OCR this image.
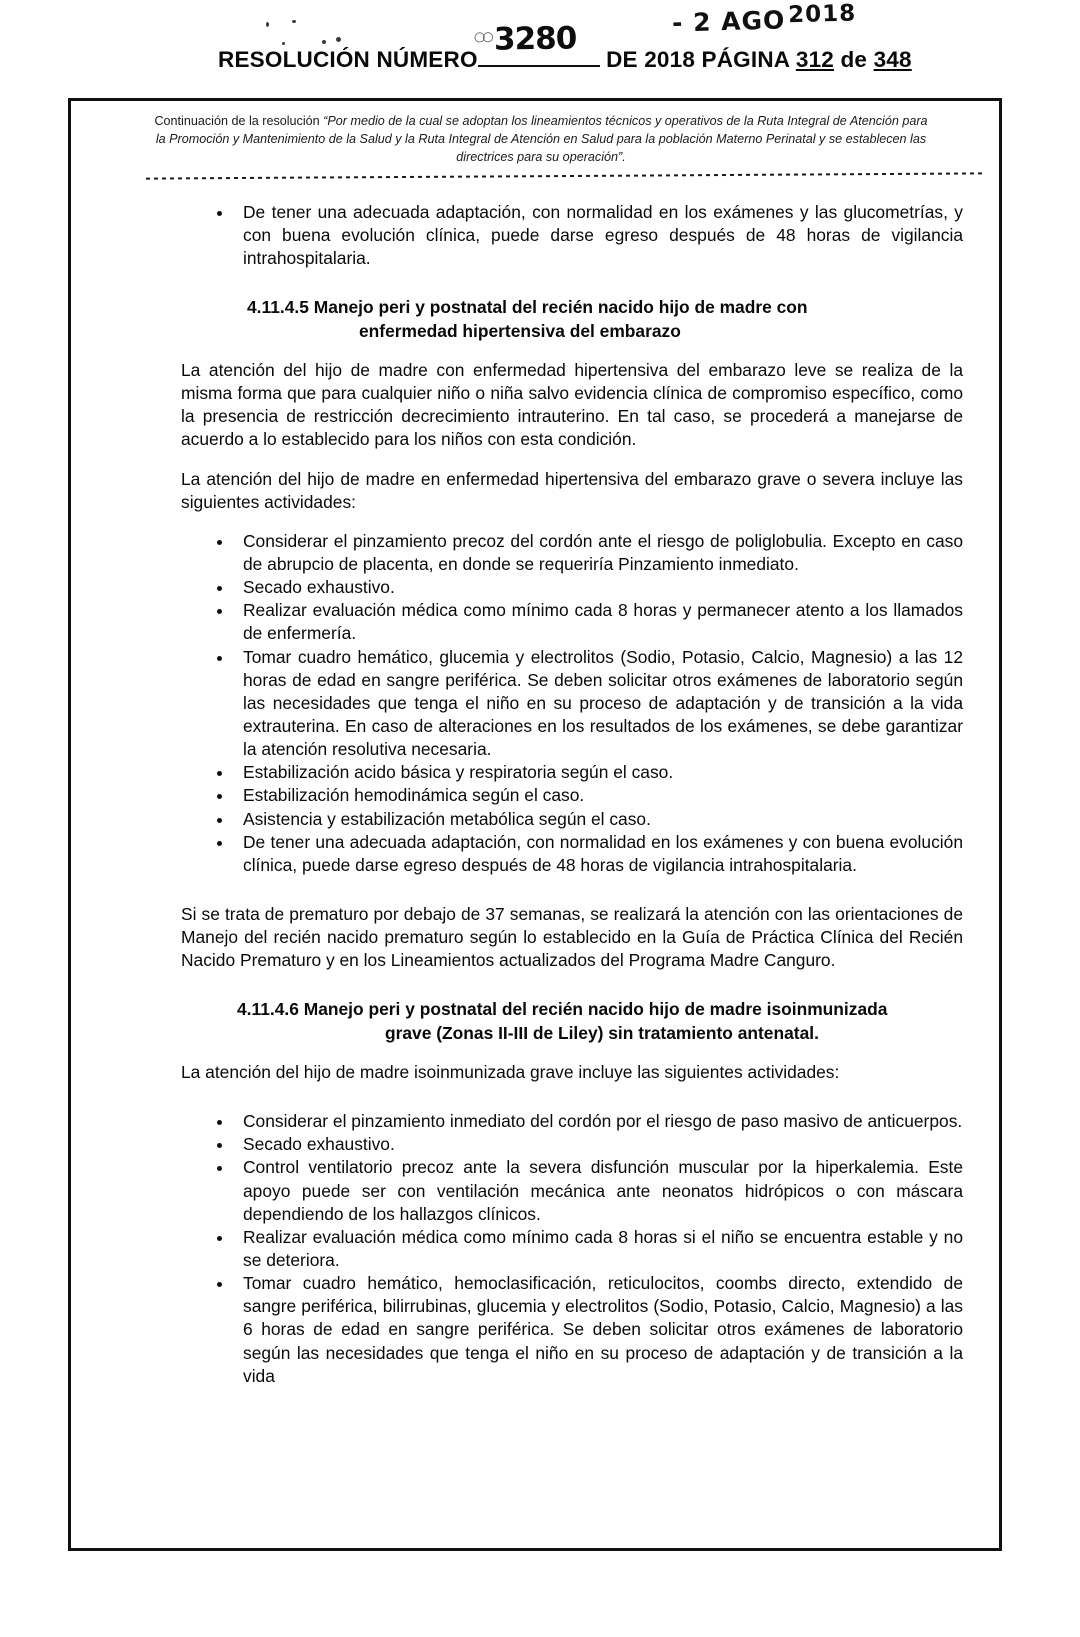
- 2 AGO2018
RESOLUCIÓN NÚMERO
○○ 3280
DE 2018 PÁGINA 312 de 348
Continuación de la resolución “Por medio de la cual se adoptan los lineamientos técnicos y operativos de la Ruta Integral de Atención para la Promoción y Mantenimiento de la Salud y la Ruta Integral de Atención en Salud para la población Materno Perinatal y se establecen las directrices para su operación”.
De tener una adecuada adaptación, con normalidad en los exámenes y las glucometrías, y con buena evolución clínica, puede darse egreso después de 48 horas de vigilancia intrahospitalaria.
4.11.4.5 Manejo peri y postnatal del recién nacido hijo de madre con
enfermedad hipertensiva del embarazo

La atención del hijo de madre con enfermedad hipertensiva del embarazo leve se realiza de la misma forma que para cualquier niño o niña salvo evidencia clínica de compromiso específico, como la presencia de restricción decrecimiento intrauterino. En tal caso, se procederá a manejarse de acuerdo a lo establecido para los niños con esta condición.

La atención del hijo de madre en enfermedad hipertensiva del embarazo grave o severa incluye las siguientes actividades:

Considerar el pinzamiento precoz del cordón ante el riesgo de poliglobulia. Excepto en caso de abrupcio de placenta, en donde se requeriría Pinzamiento inmediato.
Secado exhaustivo.
Realizar evaluación médica como mínimo cada 8 horas y permanecer atento a los llamados de enfermería.
Tomar cuadro hemático, glucemia y electrolitos (Sodio, Potasio, Calcio, Magnesio) a las 12 horas de edad en sangre periférica. Se deben solicitar otros exámenes de laboratorio según las necesidades que tenga el niño en su proceso de adaptación y de transición a la vida extrauterina. En caso de alteraciones en los resultados de los exámenes, se debe garantizar la atención resolutiva necesaria.
Estabilización acido básica y respiratoria según el caso.
Estabilización hemodinámica según el caso.
Asistencia y estabilización metabólica según el caso.
De tener una adecuada adaptación, con normalidad en los exámenes y con buena evolución clínica, puede darse egreso después de 48 horas de vigilancia intrahospitalaria.

Si se trata de prematuro por debajo de 37 semanas, se realizará la atención con las orientaciones de Manejo del recién nacido prematuro según lo establecido en la Guía de Práctica Clínica del Recién Nacido Prematuro y en los Lineamientos actualizados del Programa Madre Canguro.

4.11.4.6 Manejo peri y postnatal del recién nacido hijo de madre isoinmunizada
grave (Zonas II-III de Liley) sin tratamiento antenatal.

La atención del hijo de madre isoinmunizada grave incluye las siguientes actividades:

Considerar el pinzamiento inmediato del cordón por el riesgo de paso masivo de anticuerpos.
Secado exhaustivo.
Control ventilatorio precoz ante la severa disfunción muscular por la hiperkalemia. Este apoyo puede ser con ventilación mecánica ante neonatos hidrópicos o con máscara dependiendo de los hallazgos clínicos.
Realizar evaluación médica como mínimo cada 8 horas si el niño se encuentra estable y no se deteriora.
Tomar cuadro hemático, hemoclasificación, reticulocitos, coombs directo, extendido de sangre periférica, bilirrubinas, glucemia y electrolitos (Sodio, Potasio, Calcio, Magnesio) a las 6 horas de edad en sangre periférica. Se deben solicitar otros exámenes de laboratorio según las necesidades que tenga el niño en su proceso de adaptación y de transición a la vida
